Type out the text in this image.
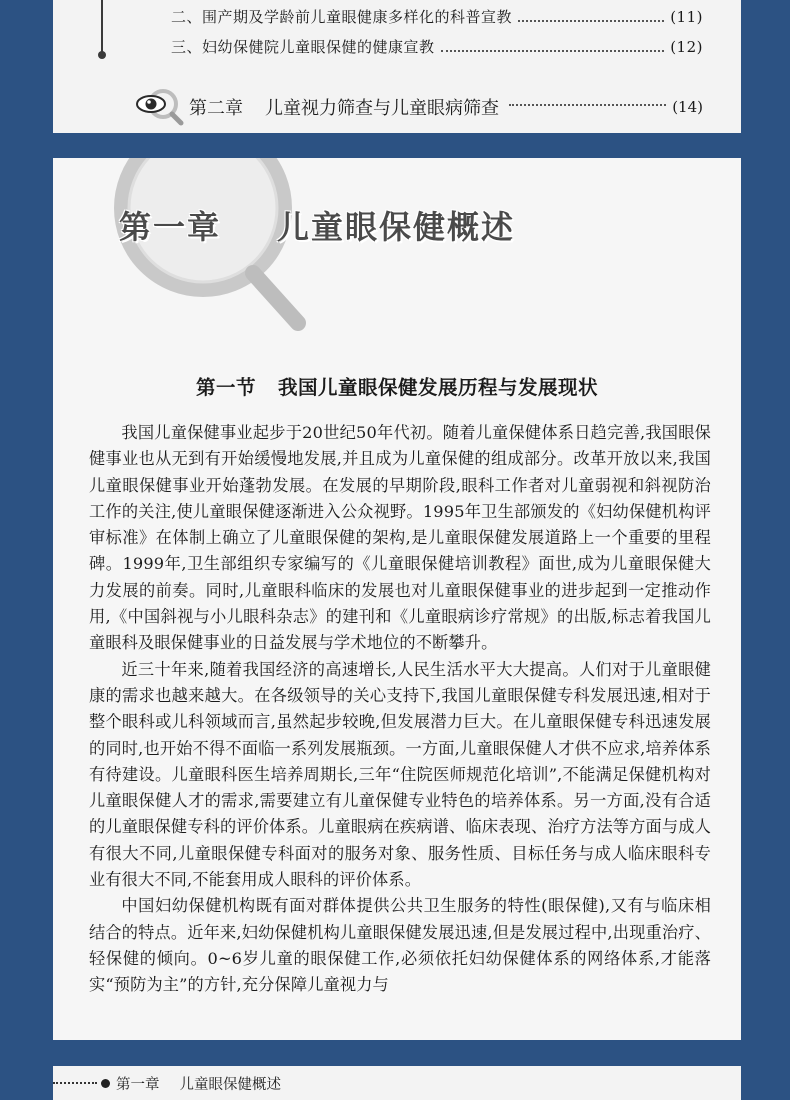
二、围产期及学龄前儿童眼健康多样化的科普宣教	(11)
三、妇幼保健院儿童眼保健的健康宣教	(12)
第二章 儿童视力筛查与儿童眼病筛查	(14)
第一章 儿童眼保健概述
第一节 我国儿童眼保健发展历程与发展现状

我国儿童保健事业起步于20世纪50年代初。随着儿童保健体系日趋完善,我国眼保健事业也从无到有开始缓慢地发展,并且成为儿童保健的组成部分。改革开放以来,我国儿童眼保健事业开始蓬勃发展。在发展的早期阶段,眼科工作者对儿童弱视和斜视防治工作的关注,使儿童眼保健逐渐进入公众视野。1995年卫生部颁发的《妇幼保健机构评审标准》在体制上确立了儿童眼保健的架构,是儿童眼保健发展道路上一个重要的里程碑。1999年,卫生部组织专家编写的《儿童眼保健培训教程》面世,成为儿童眼保健大力发展的前奏。同时,儿童眼科临床的发展也对儿童眼保健事业的进步起到一定推动作用,《中国斜视与小儿眼科杂志》的建刊和《儿童眼病诊疗常规》的出版,标志着我国儿童眼科及眼保健事业的日益发展与学术地位的不断攀升。

近三十年来,随着我国经济的高速增长,人民生活水平大大提高。人们对于儿童眼健康的需求也越来越大。在各级领导的关心支持下,我国儿童眼保健专科发展迅速,相对于整个眼科或儿科领域而言,虽然起步较晚,但发展潜力巨大。在儿童眼保健专科迅速发展的同时,也开始不得不面临一系列发展瓶颈。一方面,儿童眼保健人才供不应求,培养体系有待建设。儿童眼科医生培养周期长,三年“住院医师规范化培训”,不能满足保健机构对儿童眼保健人才的需求,需要建立有儿童保健专业特色的培养体系。另一方面,没有合适的儿童眼保健专科的评价体系。儿童眼病在疾病谱、临床表现、治疗方法等方面与成人有很大不同,儿童眼保健专科面对的服务对象、服务性质、目标任务与成人临床眼科专业有很大不同,不能套用成人眼科的评价体系。

中国妇幼保健机构既有面对群体提供公共卫生服务的特性(眼保健),又有与临床相结合的特点。近年来,妇幼保健机构儿童眼保健发展迅速,但是发展过程中,出现重治疗、轻保健的倾向。0~6岁儿童的眼保健工作,必须依托妇幼保健体系的网络体系,才能落实“预防为主”的方针,充分保障儿童视力与

第一章 儿童眼保健概述
